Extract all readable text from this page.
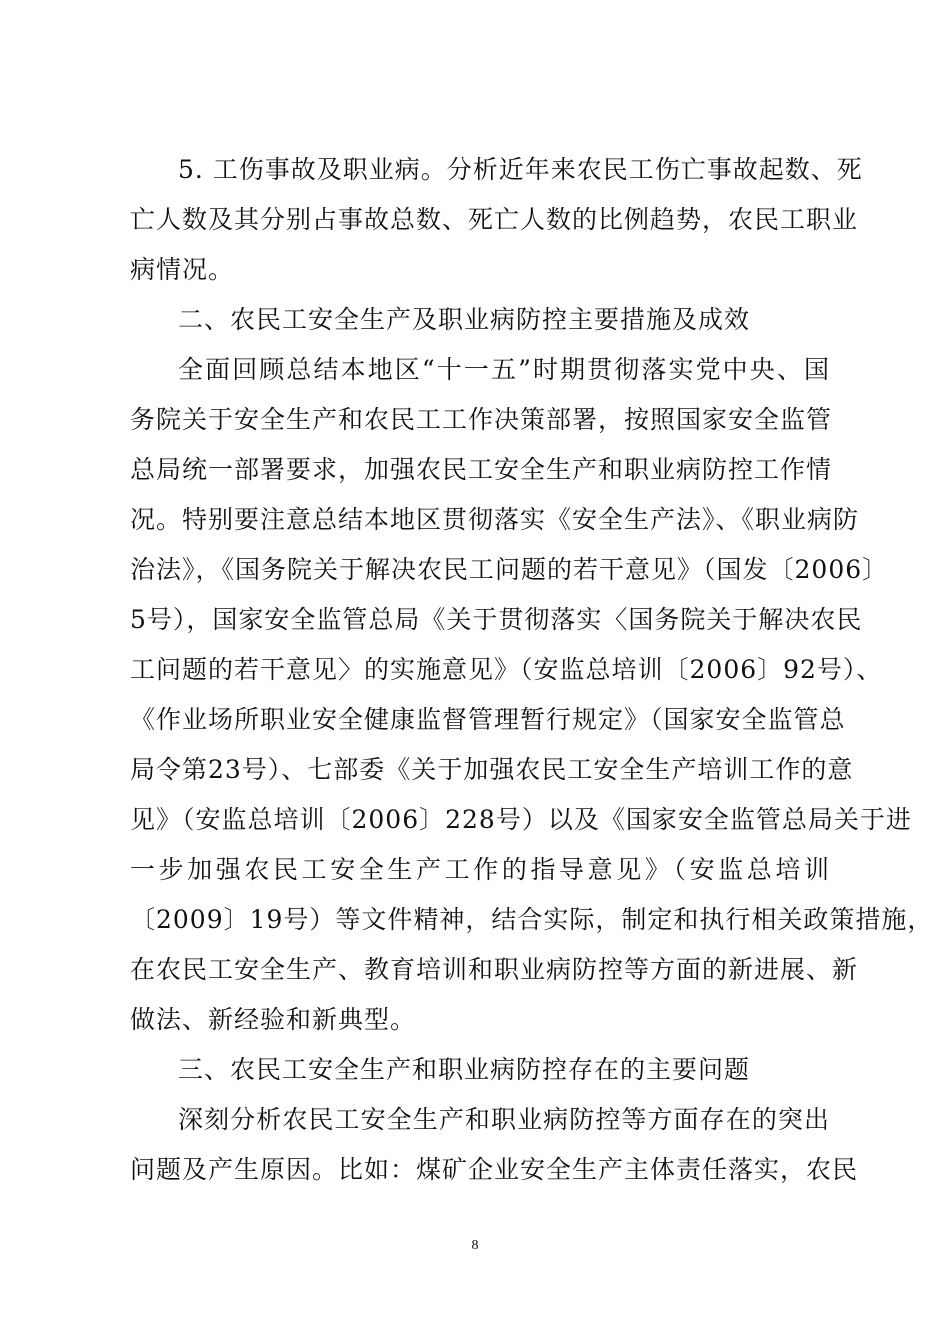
5. 工伤事故及职业病。分析近年来农民工伤亡事故起数、死
亡人数及其分别占事故总数、死亡人数的比例趋势，农民工职业
病情况。
二、农民工安全生产及职业病防控主要措施及成效
全面回顾总结本地区“十一五”时期贯彻落实党中央、国
务院关于安全生产和农民工工作决策部署，按照国家安全监管
总局统一部署要求，加强农民工安全生产和职业病防控工作情
况。特别要注意总结本地区贯彻落实《安全生产法》、《职业病防
治法》，《国务院关于解决农民工问题的若干意见》（国发〔2006〕
5号），国家安全监管总局《关于贯彻落实〈国务院关于解决农民
工问题的若干意见〉的实施意见》（安监总培训〔2006〕92号）、
《作业场所职业安全健康监督管理暂行规定》（国家安全监管总
局令第23号）、七部委《关于加强农民工安全生产培训工作的意
见》（安监总培训〔2006〕228号）以及《国家安全监管总局关于进
一步加强农民工安全生产工作的指导意见》（安监总培训
〔2009〕19号）等文件精神，结合实际，制定和执行相关政策措施，
在农民工安全生产、教育培训和职业病防控等方面的新进展、新
做法、新经验和新典型。
三、农民工安全生产和职业病防控存在的主要问题
深刻分析农民工安全生产和职业病防控等方面存在的突出
问题及产生原因。比如：煤矿企业安全生产主体责任落实，农民
8
